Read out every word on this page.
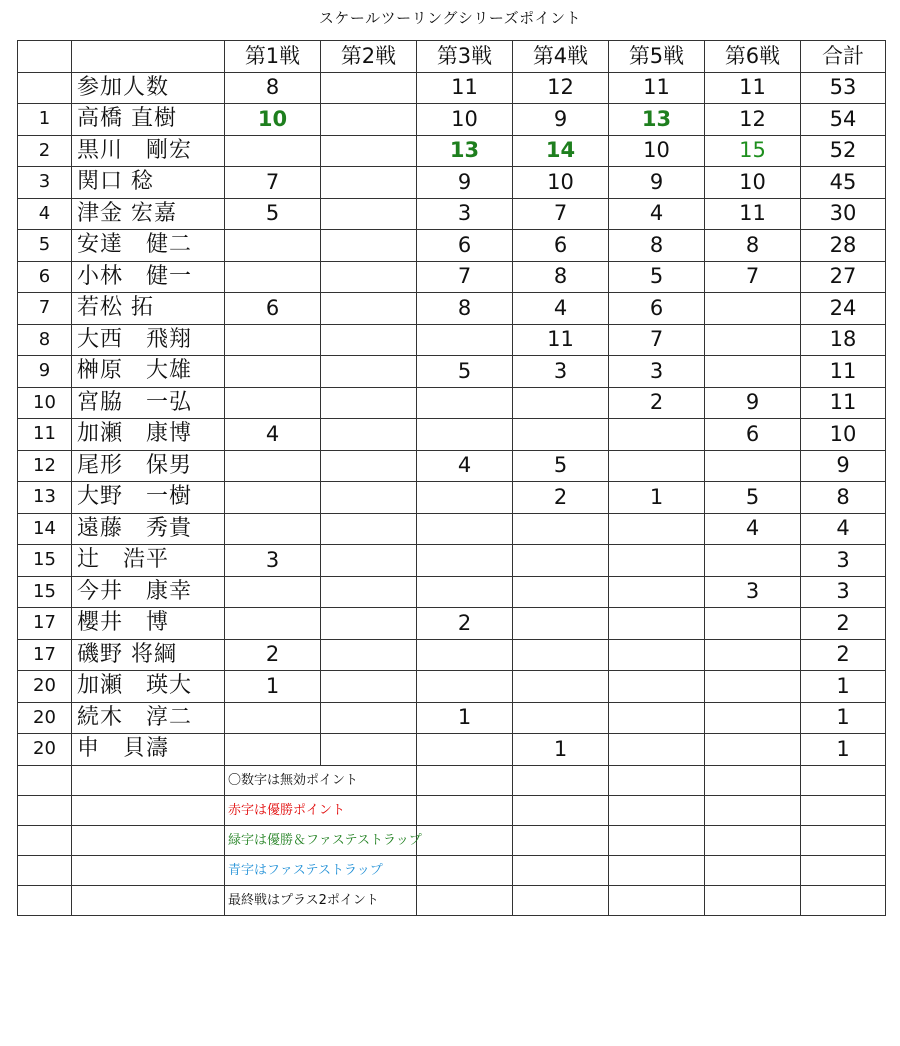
スケールツーリングシリーズポイント
		第1戦	第2戦	第3戦	第4戦	第5戦	第6戦	合計
	参加人数	8		11	12	11	11	53
1	高橋 直樹	10		10	9	13	12	54
2	黒川　剛宏			13	14	10	15	52
3	関口 稔	7		9	10	9	10	45
4	津金 宏嘉	5		3	7	4	11	30
5	安達　健二			6	6	8	8	28
6	小林　健一			7	8	5	7	27
7	若松 拓	6		8	4	6		24
8	大西　飛翔				11	7		18
9	榊原　大雄			5	3	3		11
10	宮脇　一弘					2	9	11
11	加瀬　康博	4					6	10
12	尾形　保男			4	5			9
13	大野　一樹				2	1	5	8
14	遠藤　秀貴						4	4
15	辻　浩平	3						3
15	今井　康幸						3	3
17	櫻井　博			2				2
17	磯野 将綱	2						2
20	加瀬　瑛大	1						1
20	続木　淳二			1				1
20	申　貝濤				1			1
		〇数字は無効ポイント						
		赤字は優勝ポイント						
		緑字は優勝＆ファステストラップ						
		青字はファステストラップ						
		最終戦はプラス2ポイント						
